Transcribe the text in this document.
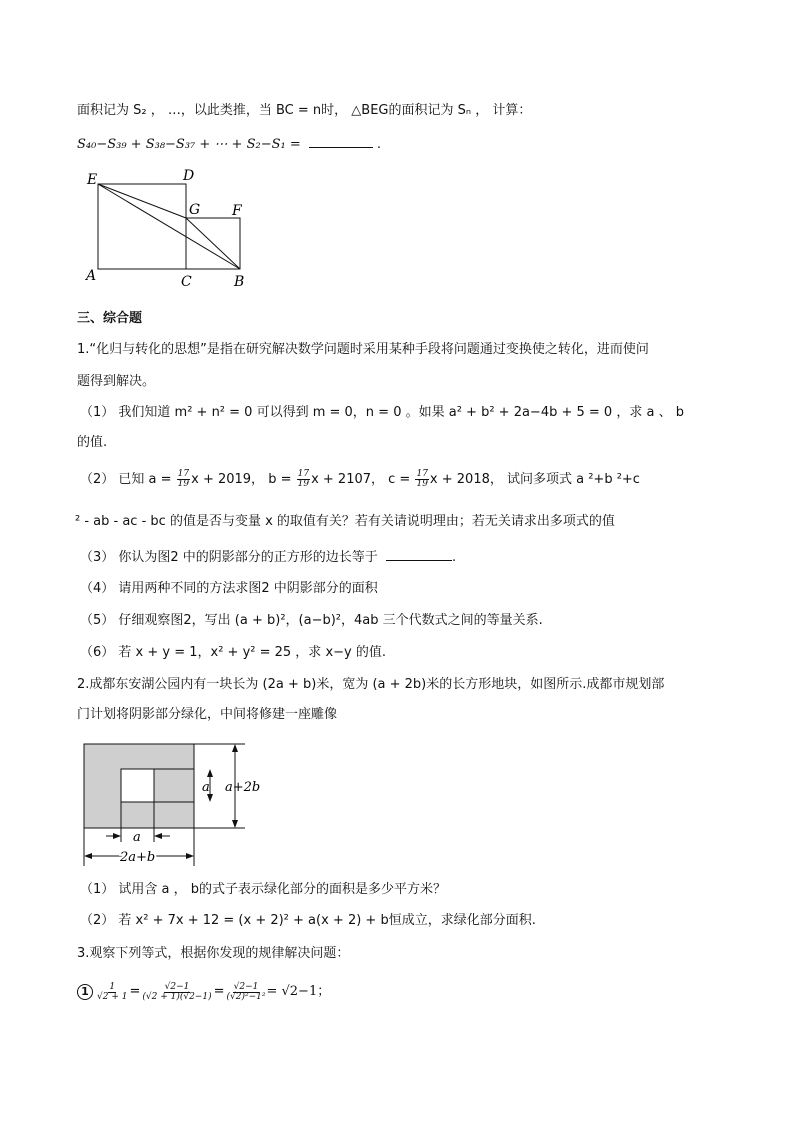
面积记为 S₂ ， …，以此类推，当 BC = n时， △BEG的面积记为 Sₙ ， 计算：
S₄₀−S₃₉ + S₃₈−S₃₇ + ⋯ + S₂−S₁ =	.
E	D
G F
A	C	B
三、综合题
1.“化归与转化的思想”是指在研究解决数学问题时采用某种手段将问题通过变换使之转化，进而使问
题得到解决。
（1） 我们知道 m² + n² = 0 可以得到 m = 0，n = 0 。如果 a² + b² + 2a−4b + 5 = 0 ，求 a 、 b
的值.
（2） 已知 $a = \frac{17}{19}$ x + 2019， $b = \frac{17}{19}$ x + 2107， $c = \frac{17}{19}$ x + 2018， 试问多项式 a ²+b ²+c
² - ab - ac - bc 的值是否与变量 x 的取值有关？若有关请说明理由；若无关请求出多项式的值
（3） 你认为图2 中的阴影部分的正方形的边长等于	.
（4） 请用两种不同的方法求图2 中阴影部分的面积
（5） 仔细观察图2，写出 (a + b)²，(a−b)²，4ab 三个代数式之间的等量关系.
（6） 若 x + y = 1，x² + y² = 25 ，求 x−y 的值.
2.成都东安湖公园内有一块长为 (2a + b)米，宽为 (a + 2b)米的长方形地块，如图所示.成都市规划部
门计划将阴影部分绿化，中间将修建一座雕像
a a+2b
a
2a+b
（1） 试用含 a ， b的式子表示绿化部分的面积是多少平方米？
（2） 若 x² + 7x + 12 = (x + 2)² + a(x + 2) + b恒成立，求绿化部分面积.
3.观察下列等式，根据你发现的规律解决问题：
$1 \frac{1}{√2 + 1} = \frac{√2-1}{(√2 + 1)(√2-1)} = \frac{√2-1}{\text{(√2)²−1²}} = √2-1$；
